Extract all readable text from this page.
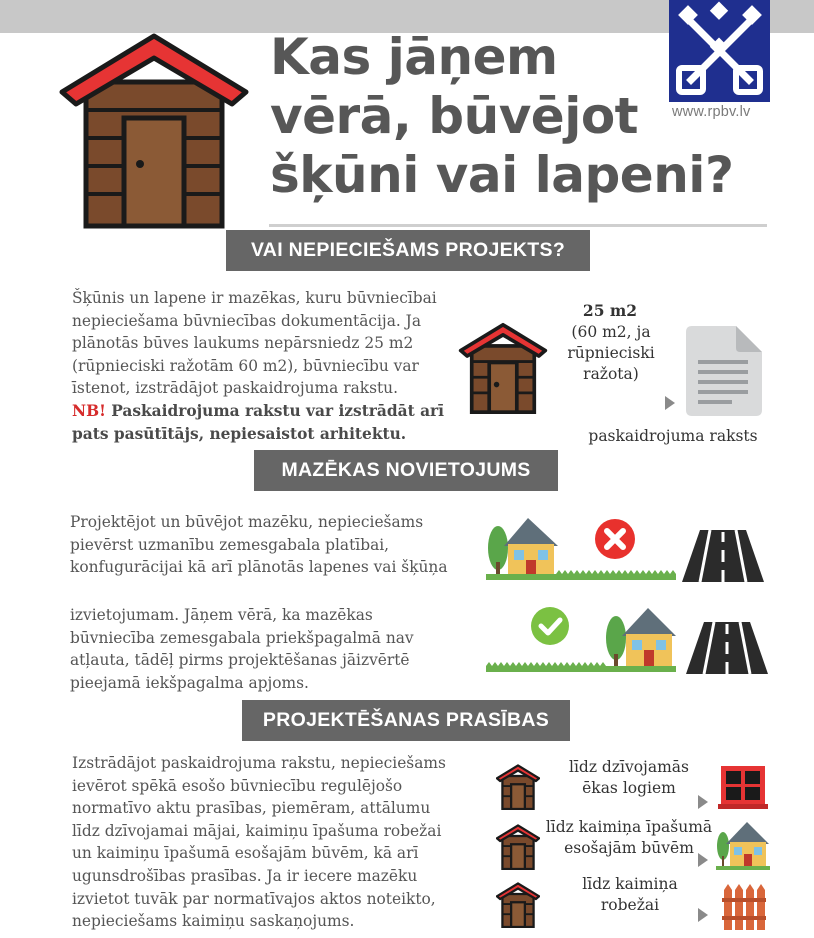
www.rpbv.lv
Kas jāņem
vērā, būvējot
šķūni vai lapeni?
VAI NEPIECIEŠAMS PROJEKTS?
Šķūnis un lapene ir mazēkas, kuru būvniecībai
nepieciešama būvniecības dokumentācija. Ja
plānotās būves laukums nepārsniedz 25 m2
(rūpnieciski ražotām 60 m2), būvniecību var
īstenot, izstrādājot paskaidrojuma rakstu.
NB! Paskaidrojuma rakstu var izstrādāt arī
pats pasūtītājs, nepiesaistot arhitektu.
25 m2
(60 m2, ja
rūpnieciski
ražota)
paskaidrojuma raksts
MAZĒKAS NOVIETOJUMS
Projektējot un būvējot mazēku, nepieciešams
pievērst uzmanību zemesgabala platībai,
konfugurācijai kā arī plānotās lapenes vai šķūņa
izvietojumam. Jāņem vērā, ka mazēkas
būvniecība zemesgabala priekšpagalmā nav
atļauta, tādēļ pirms projektēšanas jāizvērtē
pieejamā iekšpagalma apjoms.
PROJEKTĒŠANAS PRASĪBAS
Izstrādājot paskaidrojuma rakstu, nepieciešams
ievērot spēkā esošo būvniecību regulējošo
normatīvo aktu prasības, piemēram, attālumu
līdz dzīvojamai mājai, kaimiņu īpašuma robežai
un kaimiņu īpašumā esošajām būvēm, kā arī
ugunsdrošības prasības. Ja ir iecere mazēku
izvietot tuvāk par normatīvajos aktos noteikto,
nepieciešams kaimiņu saskaņojums.
līdz dzīvojamās
ēkas logiem
līdz kaimiņa īpašumā
esošajām būvēm
līdz kaimiņa
robežai
